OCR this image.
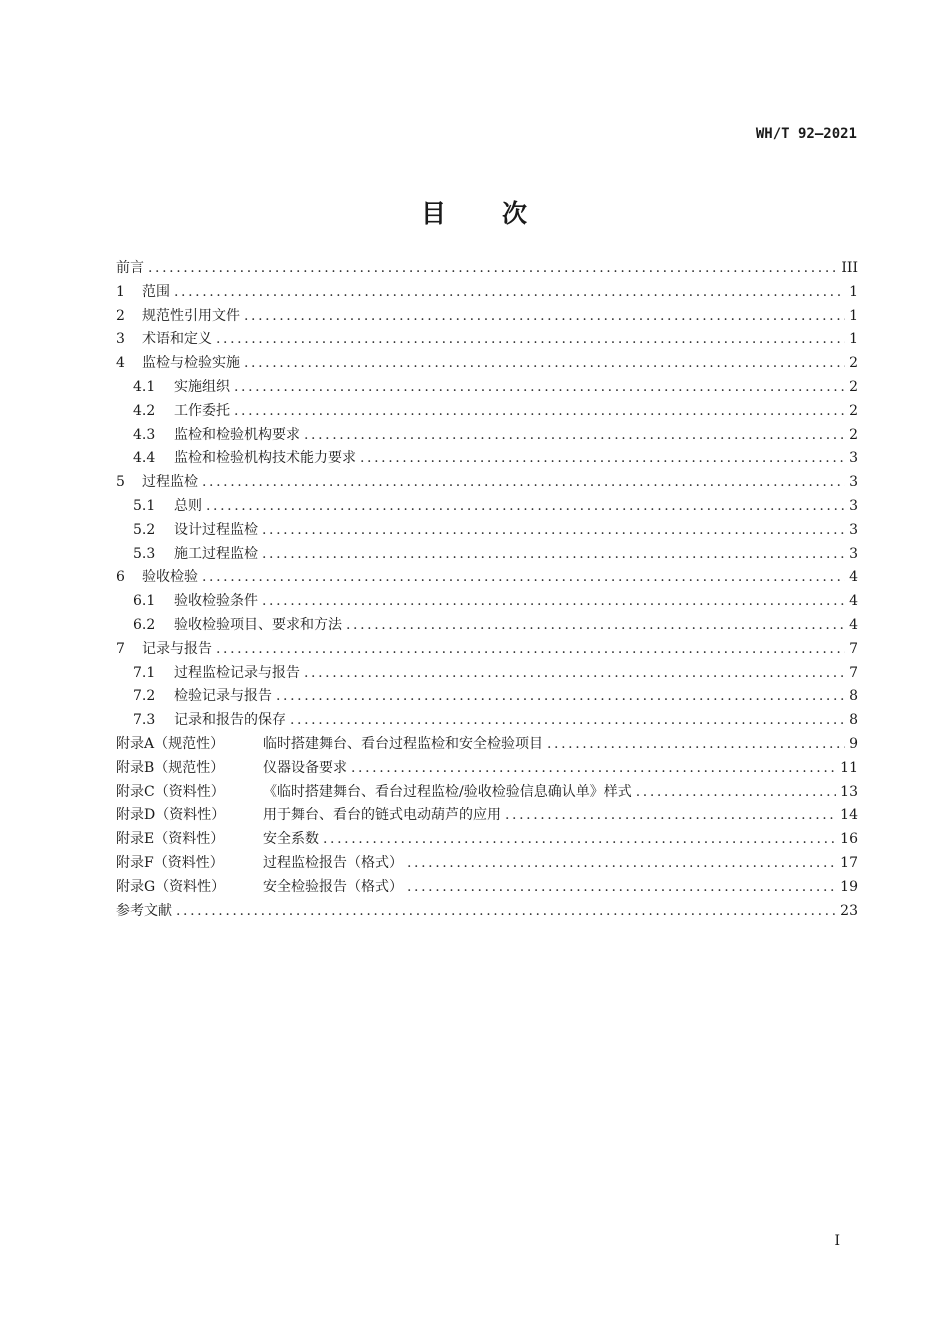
WH/T 92—2021
目　　次
前言 .....	III
1	范围 .....	1
2	规范性引用文件 .....	1
3	术语和定义 .....	1
4	监检与检验实施 .....	2
4.1	实施组织 .....	2
4.2	工作委托 .....	2
4.3	监检和检验机构要求 .....	2
4.4	监检和检验机构技术能力要求 .....	3
5	过程监检 .....	3
5.1	总则 .....	3
5.2	设计过程监检 .....	3
5.3	施工过程监检 .....	3
6	验收检验 .....	4
6.1	验收检验条件 .....	4
6.2	验收检验项目、要求和方法 .....	4
7	记录与报告 .....	7
7.1	过程监检记录与报告 .....	7
7.2	检验记录与报告 .....	8
7.3	记录和报告的保存 .....	8
附录A（规范性）	临时搭建舞台、看台过程监检和安全检验项目 .....	9
附录B（规范性）	仪器设备要求 .....	11
附录C（资料性）	《临时搭建舞台、看台过程监检/验收检验信息确认单》样式 .....	13
附录D（资料性）	用于舞台、看台的链式电动葫芦的应用 .....	14
附录E（资料性）	安全系数 .....	16
附录F（资料性）	过程监检报告（格式） .....	17
附录G（资料性）	安全检验报告（格式） .....	19
参考文献 .....	23
I
